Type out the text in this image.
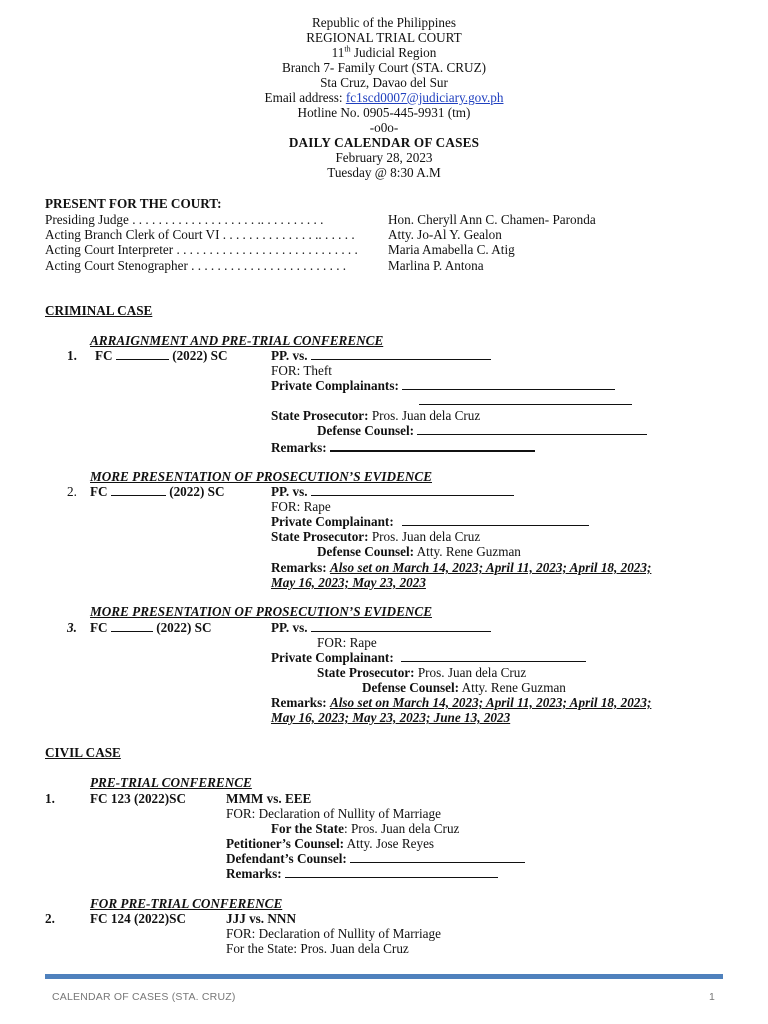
Republic of the Philippines
REGIONAL TRIAL COURT
11th Judicial Region
Branch 7- Family Court (STA. CRUZ)
Sta Cruz, Davao del Sur
Email address: fc1scd0007@judiciary.gov.ph
Hotline No. 0905-445-9931 (tm)
-o0o-
DAILY CALENDAR OF CASES
February 28, 2023
Tuesday @ 8:30 A.M
PRESENT FOR THE COURT:
Presiding Judge . . . . . . . . . . . . . . . . . . . .. . . . . . . . . .	Hon. Cheryll Ann C. Chamen- Paronda
Acting Branch Clerk of Court VI . . . . . . . . . . . . . . .. . . . . .	Atty. Jo-Al Y. Gealon
Acting Court Interpreter . . . . . . . . . . . . . . . . . . . . . . . . . . . . Maria Amabella C. Atig
Acting Court Stenographer . . . . . . . . . . . . . . . . . . . . . . . .	Marlina P. Antona
CRIMINAL CASE
ARRAIGNMENT AND PRE-TRIAL CONFERENCE
1. FC	(2022) SC	PP. vs.
FOR: Theft
Private Complainants:
State Prosecutor: Pros. Juan dela Cruz
Defense Counsel:
Remarks:
MORE PRESENTATION OF PROSECUTION’S EVIDENCE
2. FC	(2022) SC	PP. vs.
FOR: Rape
Private Complainant:
State Prosecutor: Pros. Juan dela Cruz
Defense Counsel: Atty. Rene Guzman
Remarks: Also set on March 14, 2023; April 11, 2023; April 18, 2023;
May 16, 2023; May 23, 2023
MORE PRESENTATION OF PROSECUTION’S EVIDENCE
3. FC	(2022) SC	PP. vs.
FOR: Rape
Private Complainant:
State Prosecutor: Pros. Juan dela Cruz
Defense Counsel: Atty. Rene Guzman
Remarks: Also set on March 14, 2023; April 11, 2023; April 18, 2023;
May 16, 2023; May 23, 2023; June 13, 2023
CIVIL CASE
PRE-TRIAL CONFERENCE
1.	FC 123 (2022)SC	MMM vs. EEE
FOR: Declaration of Nullity of Marriage
For the State: Pros. Juan dela Cruz
Petitioner’s Counsel: Atty. Jose Reyes
Defendant’s Counsel:
Remarks:
FOR PRE-TRIAL CONFERENCE
2.	FC 124 (2022)SC	JJJ vs. NNN
FOR: Declaration of Nullity of Marriage
For the State: Pros. Juan dela Cruz
CALENDAR OF CASES (STA. CRUZ)	1
